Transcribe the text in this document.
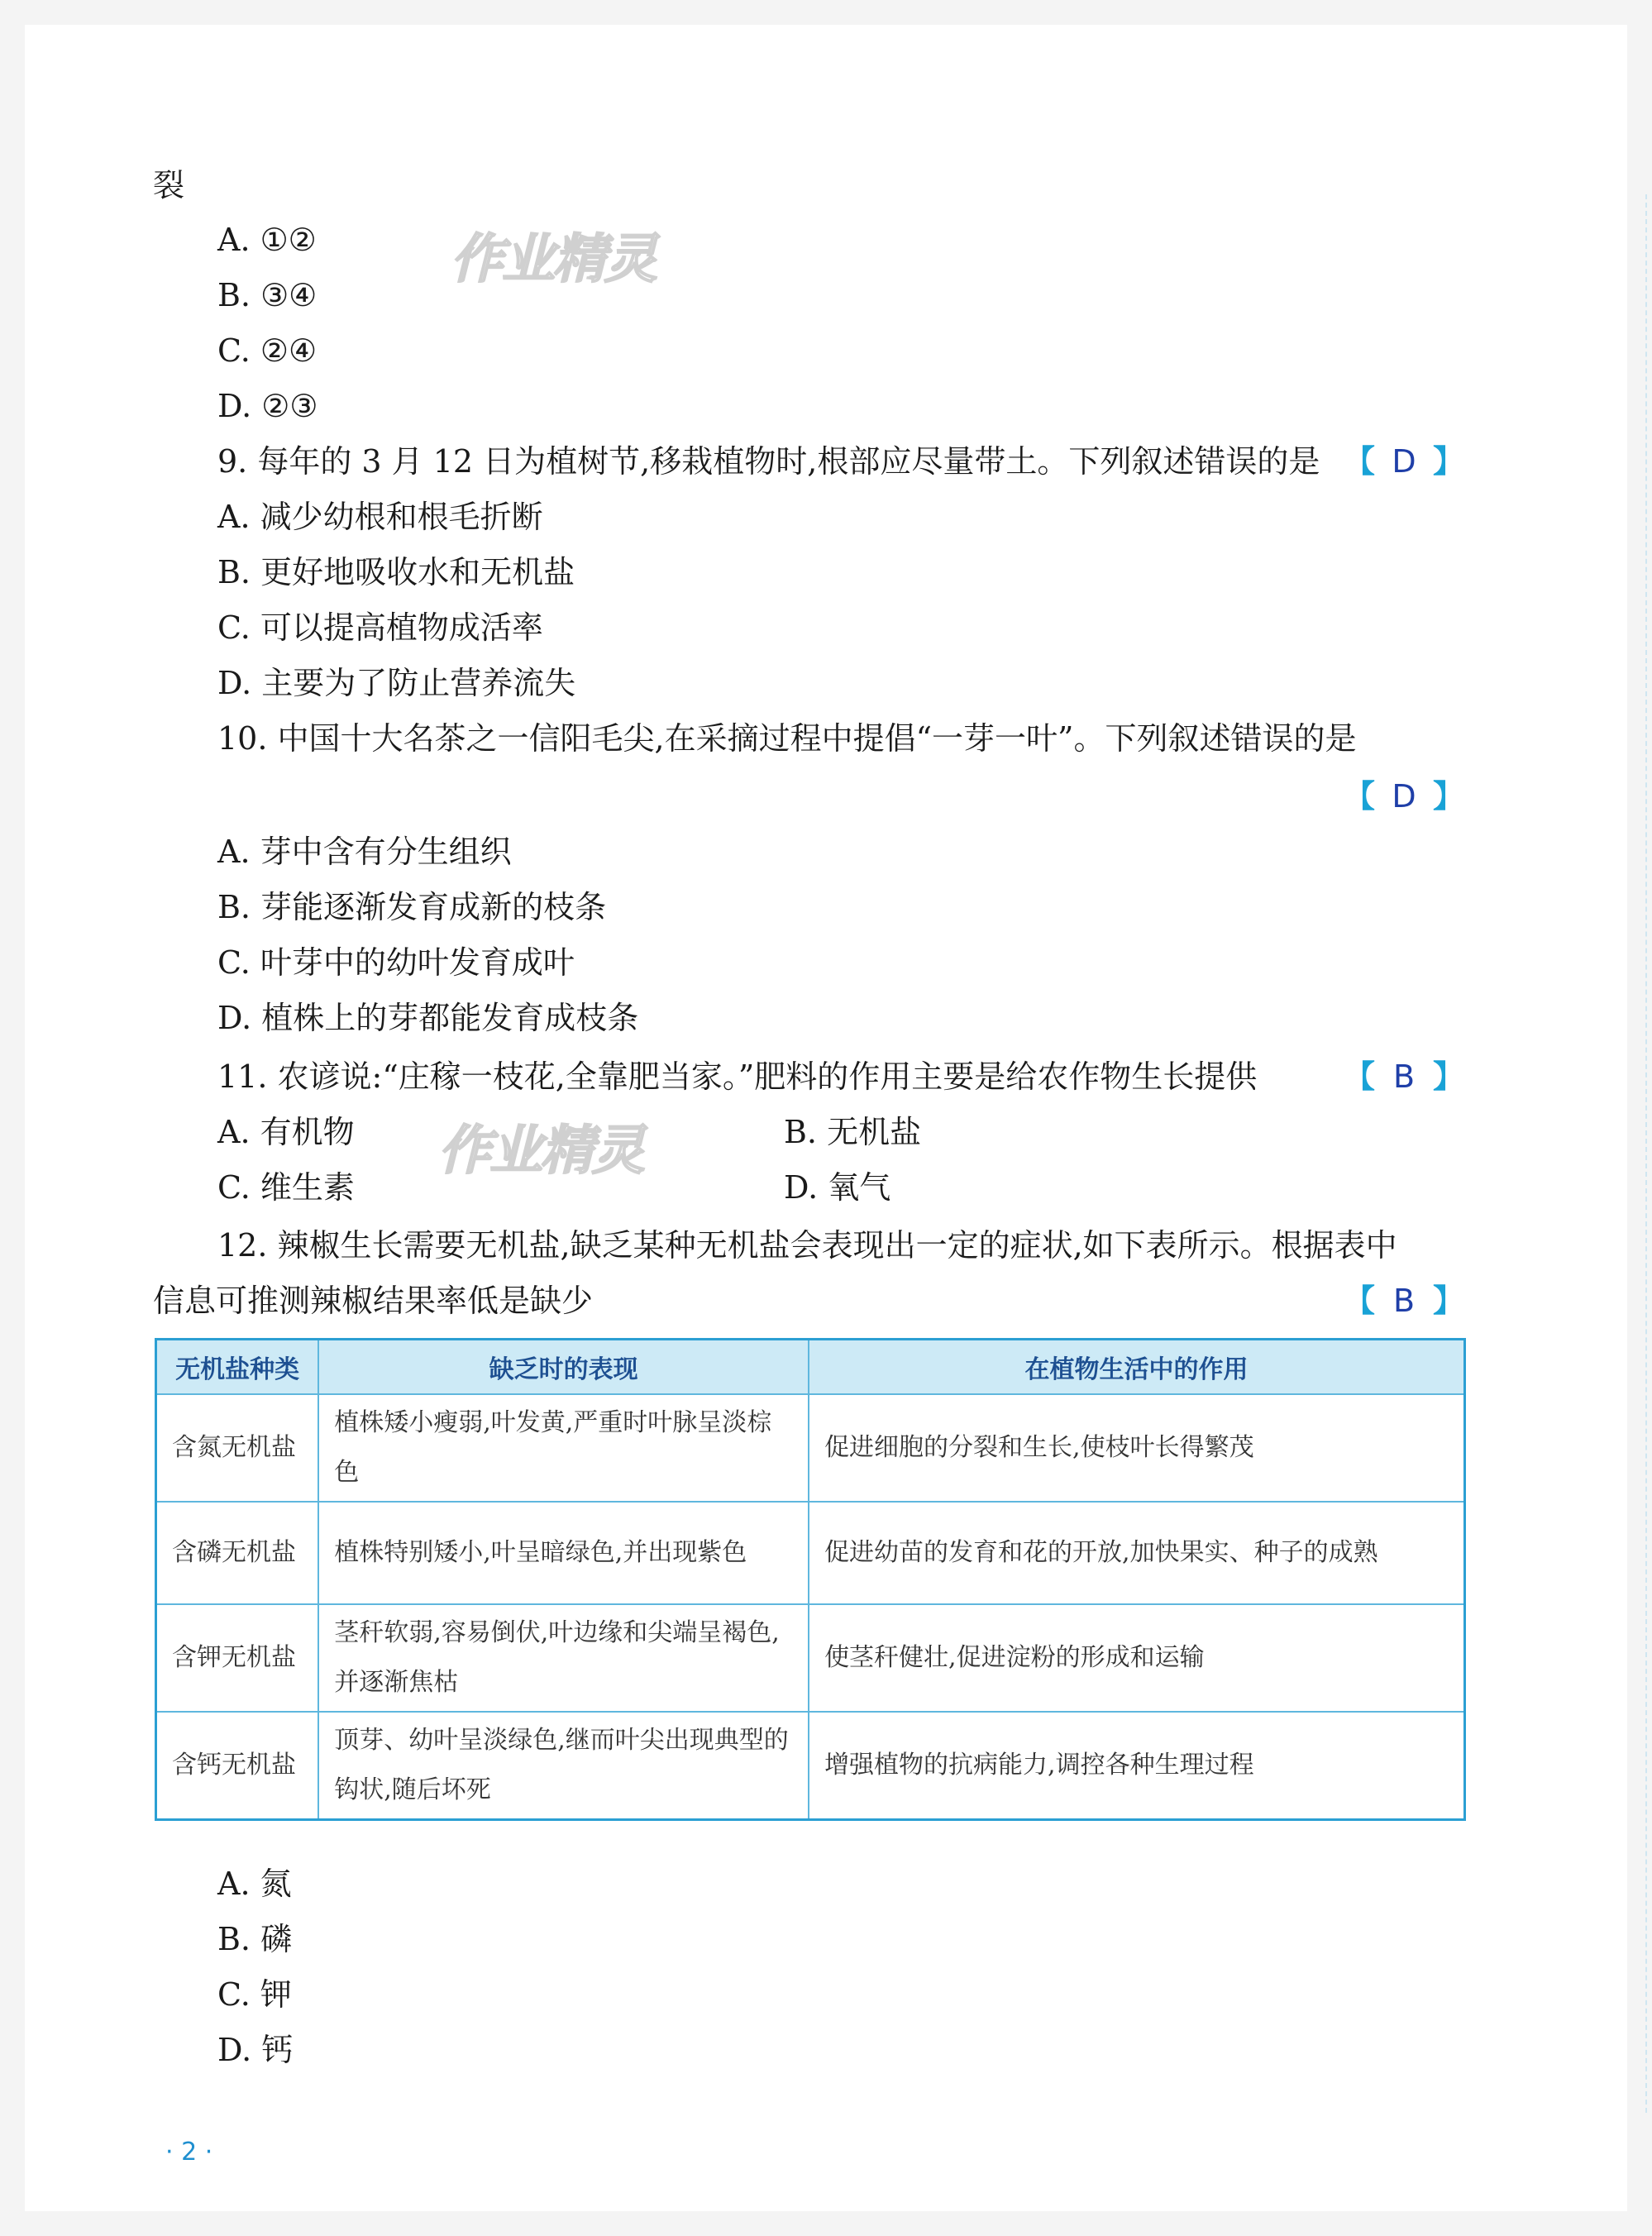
裂
A. ①②	作业精灵
B. ③④
C. ②④
D. ②③
9. 每年的 3 月 12 日为植树节,移栽植物时,根部应尽量带土。下列叙述错误的是 【 D 】
A. 减少幼根和根毛折断
B. 更好地吸收水和无机盐
C. 可以提高植物成活率
D. 主要为了防止营养流失
10. 中国十大名茶之一信阳毛尖,在采摘过程中提倡“一芽一叶”。下列叙述错误的是
【 D 】
A. 芽中含有分生组织
B. 芽能逐渐发育成新的枝条
C. 叶芽中的幼叶发育成叶
D. 植株上的芽都能发育成枝条
11. 农谚说:“庄稼一枝花,全靠肥当家。”肥料的作用主要是给农作物生长提供	【 B 】
A. 有机物 作业精灵	B. 无机盐
C. 维生素	D. 氧气
12. 辣椒生长需要无机盐,缺乏某种无机盐会表现出一定的症状,如下表所示。根据表中
信息可推测辣椒结果率低是缺少	【 B 】
无机盐种类	缺乏时的表现	在植物生活中的作用
含氮无机盐	植株矮小瘦弱,叶发黄,严重时叶脉呈淡棕色	促进细胞的分裂和生长,使枝叶长得繁茂
含磷无机盐	植株特别矮小,叶呈暗绿色,并出现紫色	促进幼苗的发育和花的开放,加快果实、种子的成熟
含钾无机盐	茎秆软弱,容易倒伏,叶边缘和尖端呈褐色,并逐渐焦枯	使茎秆健壮,促进淀粉的形成和运输
含钙无机盐	顶芽、幼叶呈淡绿色,继而叶尖出现典型的钩状,随后坏死	增强植物的抗病能力,调控各种生理过程
A. 氮
B. 磷
C. 钾
D. 钙
· 2 ·
